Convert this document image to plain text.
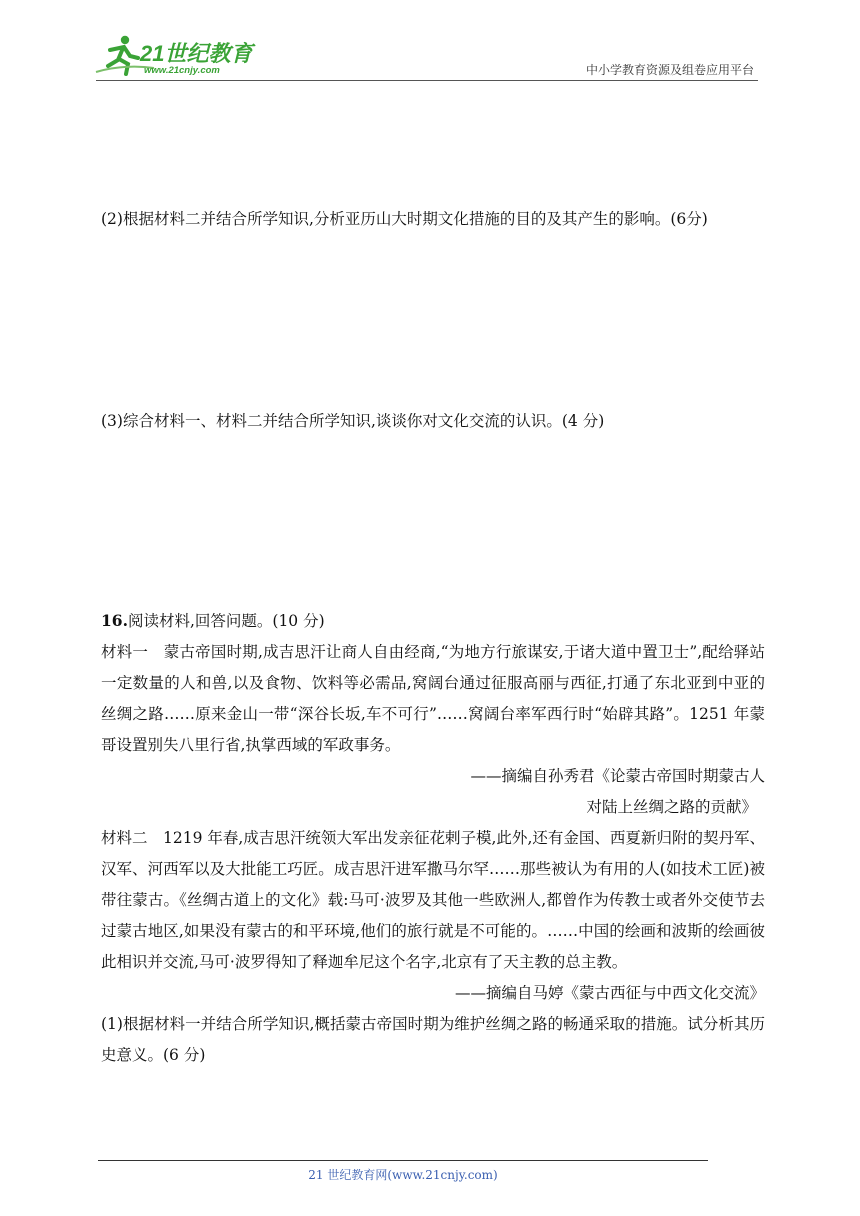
21世纪教育
www.21cnjy.com	中小学教育资源及组卷应用平台

(2)根据材料二并结合所学知识,分析亚历山大时期文化措施的目的及其产生的影响。(6分)

(3)综合材料一、材料二并结合所学知识,谈谈你对文化交流的认识。(4 分)

16.阅读材料,回答问题。(10 分)

材料一　蒙古帝国时期,成吉思汗让商人自由经商,“为地方行旅谋安,于诸大道中置卫士”,配给驿站一定数量的人和兽,以及食物、饮料等必需品,窝阔台通过征服高丽与西征,打通了东北亚到中亚的丝绸之路……原来金山一带“深谷长坂,车不可行”……窝阔台率军西行时“始辟其路”。1251 年蒙哥设置别失八里行省,执掌西域的军政事务。

——摘编自孙秀君《论蒙古帝国时期蒙古人

对陆上丝绸之路的贡献》

材料二　1219 年春,成吉思汗统领大军出发亲征花剌子模,此外,还有金国、西夏新归附的契丹军、汉军、河西军以及大批能工巧匠。成吉思汗进军撒马尔罕……那些被认为有用的人(如技术工匠)被带往蒙古。《丝绸古道上的文化》载:马可·波罗及其他一些欧洲人,都曾作为传教士或者外交使节去过蒙古地区,如果没有蒙古的和平环境,他们的旅行就是不可能的。……中国的绘画和波斯的绘画彼此相识并交流,马可·波罗得知了释迦牟尼这个名字,北京有了天主教的总主教。

——摘编自马婷《蒙古西征与中西文化交流》

(1)根据材料一并结合所学知识,概括蒙古帝国时期为维护丝绸之路的畅通采取的措施。试分析其历史意义。(6 分)

21 世纪教育网(www.21cnjy.com)
